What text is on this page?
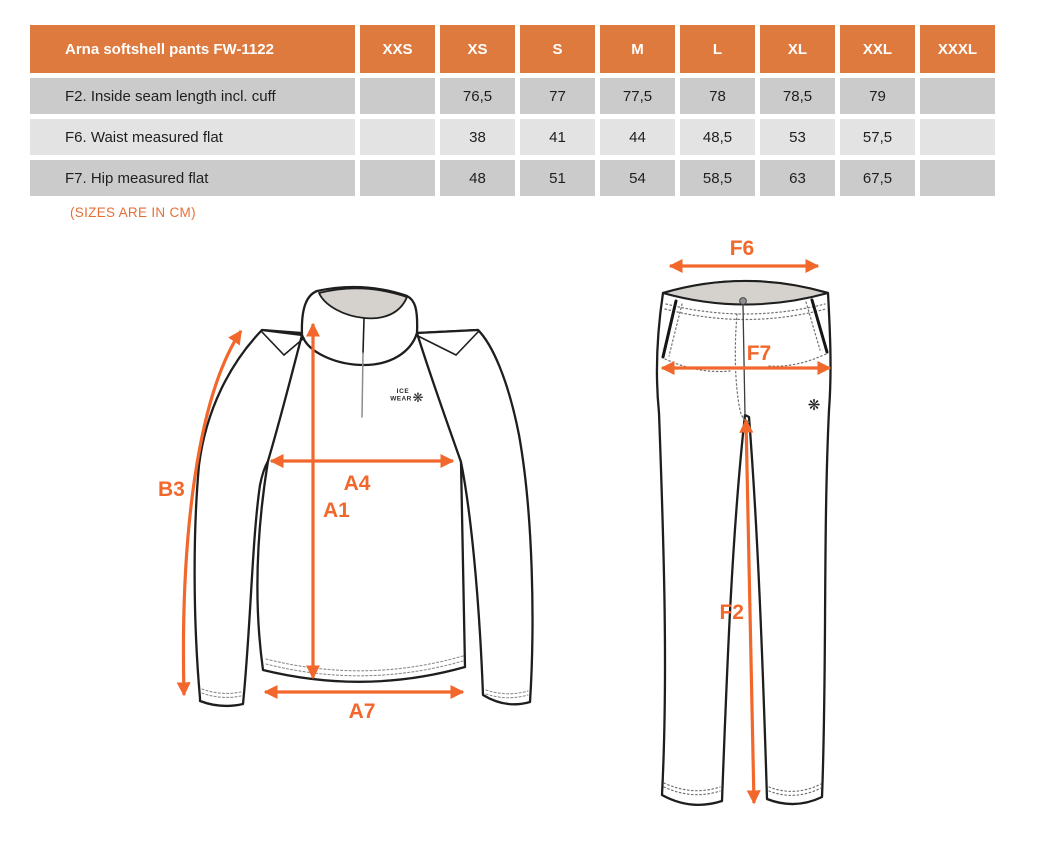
Arna softshell pants FW-1122	XXS	XS	S	M	L	XL	XXL	XXXL
F2. Inside seam length incl. cuff		76,5	77	77,5	78	78,5	79	
F6. Waist measured flat		38	41	44	48,5	53	57,5	
F7. Hip measured flat		48	51	54	58,5	63	67,5	
(SIZES ARE IN CM)
ICE
WEAR ❋
B3	A4
A1
A7
❋
F6
F7
F2
